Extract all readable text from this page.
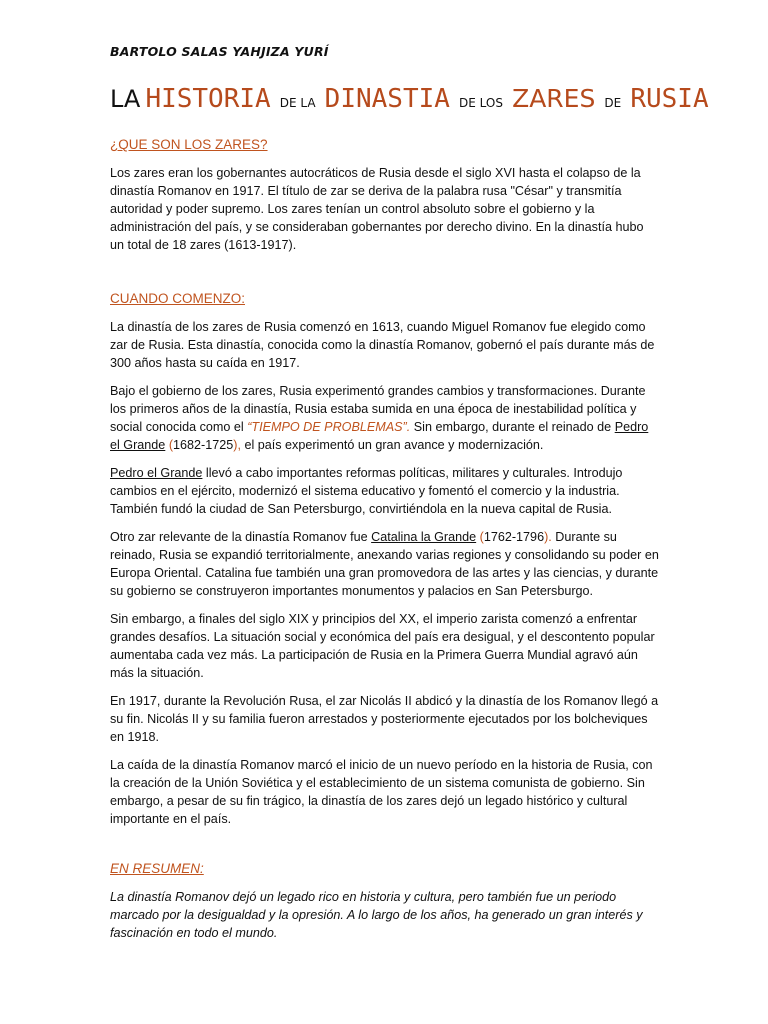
BARTOLO SALAS YAHJIZA YURÍ
LA HISTORIA DE LA DINASTIA DE LOS ZARES DE RUSIA
¿QUE SON LOS ZARES?

Los zares eran los gobernantes autocráticos de Rusia desde el siglo XVI hasta el colapso de la dinastía Romanov en 1917. El título de zar se deriva de la palabra rusa "César" y transmitía autoridad y poder supremo. Los zares tenían un control absoluto sobre el gobierno y la administración del país, y se consideraban gobernantes por derecho divino. En la dinastía hubo un total de 18 zares (1613-1917).

CUANDO COMENZO:

La dinastía de los zares de Rusia comenzó en 1613, cuando Miguel Romanov fue elegido como zar de Rusia. Esta dinastía, conocida como la dinastía Romanov, gobernó el país durante más de 300 años hasta su caída en 1917.

Bajo el gobierno de los zares, Rusia experimentó grandes cambios y transformaciones. Durante los primeros años de la dinastía, Rusia estaba sumida en una época de inestabilidad política y social conocida como el “TIEMPO DE PROBLEMAS”. Sin embargo, durante el reinado de Pedro el Grande (1682-1725), el país experimentó un gran avance y modernización.

Pedro el Grande llevó a cabo importantes reformas políticas, militares y culturales. Introdujo cambios en el ejército, modernizó el sistema educativo y fomentó el comercio y la industria. También fundó la ciudad de San Petersburgo, convirtiéndola en la nueva capital de Rusia.

Otro zar relevante de la dinastía Romanov fue Catalina la Grande (1762-1796). Durante su reinado, Rusia se expandió territorialmente, anexando varias regiones y consolidando su poder en Europa Oriental. Catalina fue también una gran promovedora de las artes y las ciencias, y durante su gobierno se construyeron importantes monumentos y palacios en San Petersburgo.

Sin embargo, a finales del siglo XIX y principios del XX, el imperio zarista comenzó a enfrentar grandes desafíos. La situación social y económica del país era desigual, y el descontento popular aumentaba cada vez más. La participación de Rusia en la Primera Guerra Mundial agravó aún más la situación.

En 1917, durante la Revolución Rusa, el zar Nicolás II abdicó y la dinastía de los Romanov llegó a su fin. Nicolás II y su familia fueron arrestados y posteriormente ejecutados por los bolcheviques en 1918.

La caída de la dinastía Romanov marcó el inicio de un nuevo período en la historia de Rusia, con la creación de la Unión Soviética y el establecimiento de un sistema comunista de gobierno. Sin embargo, a pesar de su fin trágico, la dinastía de los zares dejó un legado histórico y cultural importante en el país.

EN RESUMEN:

La dinastía Romanov dejó un legado rico en historia y cultura, pero también fue un periodo marcado por la desigualdad y la opresión. A lo largo de los años, ha generado un gran interés y fascinación en todo el mundo.
